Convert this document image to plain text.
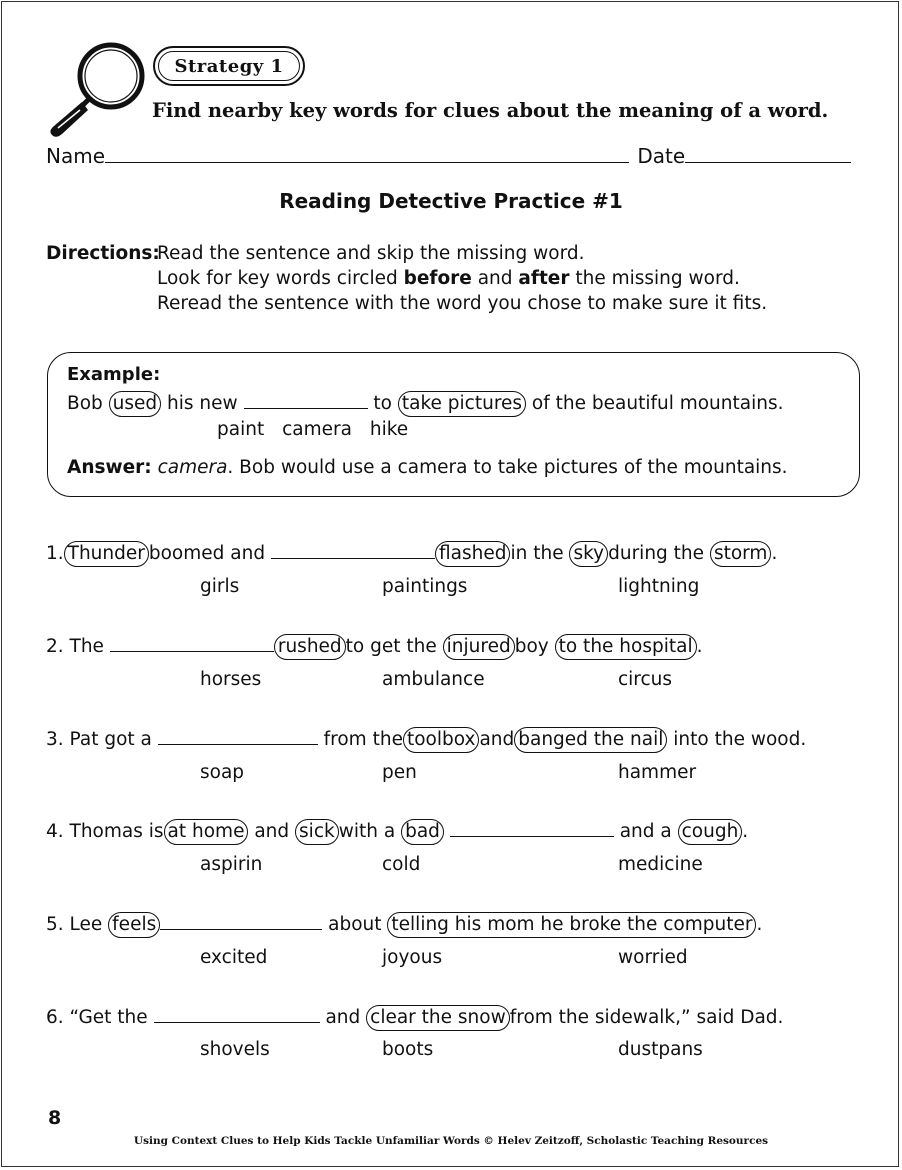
Strategy 1
Find nearby key words for clues about the meaning of a word.
Name	Date
Reading Detective Practice #1
Directions:Read the sentence and skip the missing word.
Look for key words circled before and after the missing word.
Reread the sentence with the word you chose to make sure it fits.
Example:
Bob used his new	to take pictures of the beautiful mountains.
paint camera hike
Answer: camera. Bob would use a camera to take pictures of the mountains.
1. Thunder boomed and	flashed in the sky during the storm .
girls	paintings	lightning
2. The	rushed to get the injured boy to the hospital .
horses	ambulance	circus
3. Pat got a	from the toolbox and banged the nail into the wood.
soap	pen	hammer
4. Thomas is at home and sick with a bad	and a cough .
aspirin	cold	medicine
5. Lee feels	about telling his mom he broke the computer .
excited	joyous	worried
6. “Get the	and clear the snow from the sidewalk,” said Dad.
shovels	boots	dustpans
8
Using Context Clues to Help Kids Tackle Unfamiliar Words © Helev Zeitzoff, Scholastic Teaching Resources
